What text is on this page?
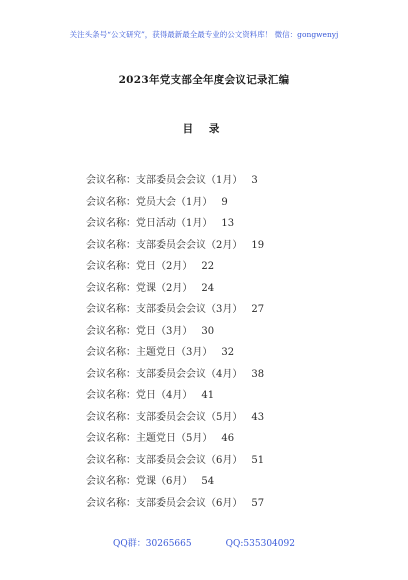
关注头条号“公文研究”，获得最新最全最专业的公文资料库！ 微信：gongwenyj
2023年党支部全年度会议记录汇编
目 录
会议名称：支部委员会会议（1月） 3
会议名称：党员大会（1月） 9
会议名称：党日活动（1月） 13
会议名称：支部委员会会议（2月） 19
会议名称：党日（2月） 22
会议名称：党课（2月） 24
会议名称：支部委员会会议（3月） 27
会议名称：党日（3月） 30
会议名称：主题党日（3月） 32
会议名称：支部委员会会议（4月） 38
会议名称：党日（4月） 41
会议名称：支部委员会会议（5月） 43
会议名称：主题党日（5月） 46
会议名称：支部委员会会议（6月） 51
会议名称：党课（6月） 54
会议名称：支部委员会会议（6月） 57
QQ群：30265665	QQ:535304092
